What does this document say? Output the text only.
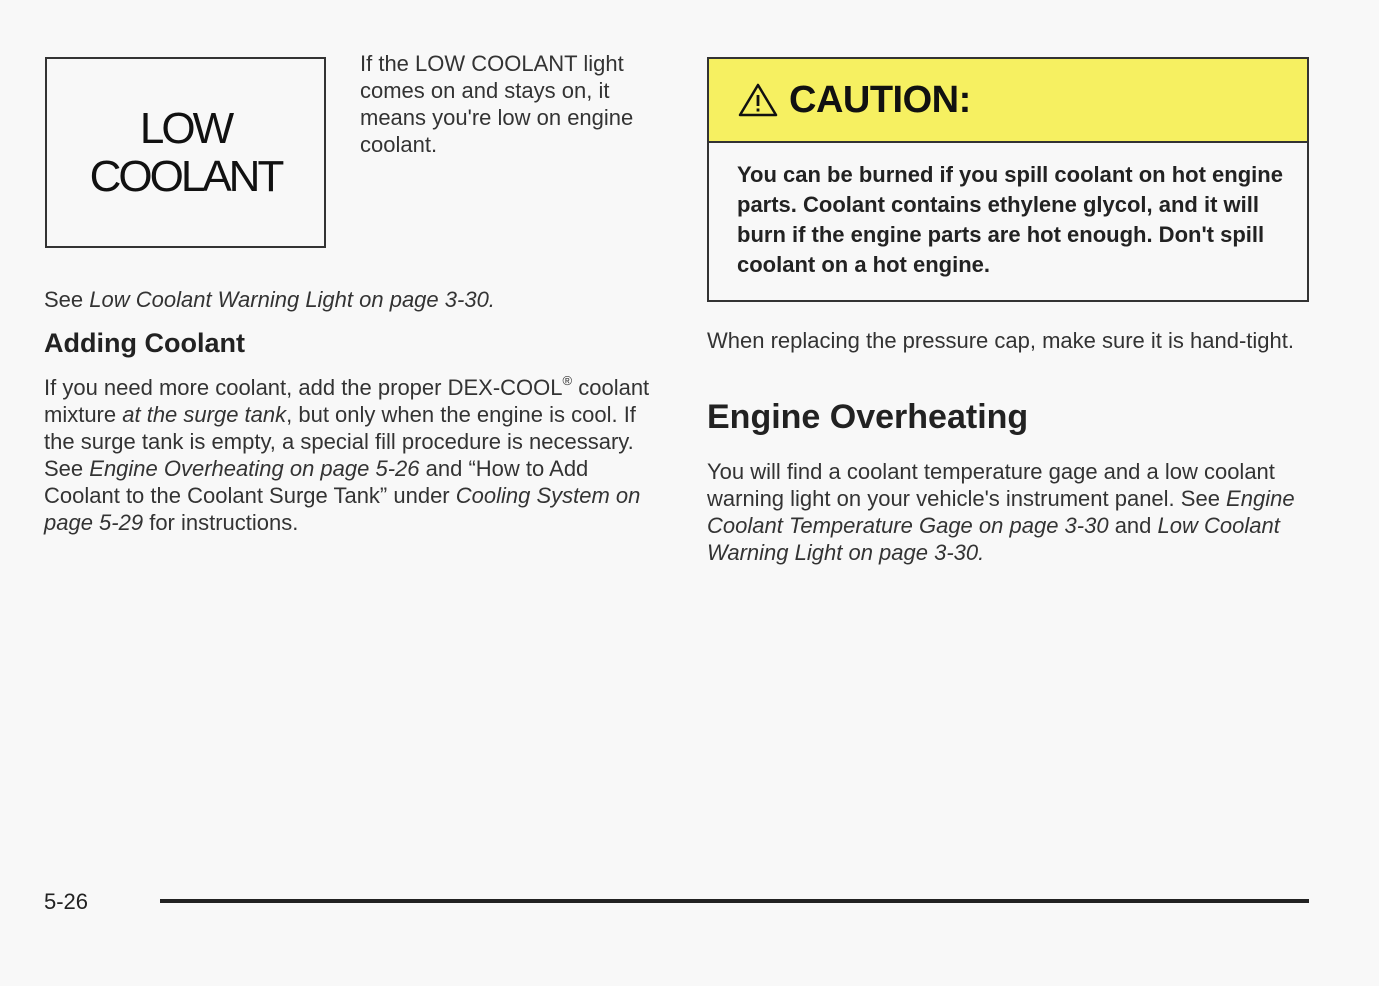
LOW
COOLANT
If the LOW COOLANT light comes on and stays on, it means you're low on engine coolant.
See Low Coolant Warning Light on page 3-30.
Adding Coolant

If you need more coolant, add the proper DEX-COOL® coolant mixture at the surge tank, but only when the engine is cool. If the surge tank is empty, a special fill procedure is necessary. See Engine Overheating on page 5-26 and “How to Add Coolant to the Coolant Surge Tank” under Cooling System on page 5-29 for instructions.

CAUTION:
You can be burned if you spill coolant on hot engine parts. Coolant contains ethylene glycol, and it will burn if the engine parts are hot enough. Don't spill coolant on a hot engine.

When replacing the pressure cap, make sure it is hand-tight.

Engine Overheating

You will find a coolant temperature gage and a low coolant warning light on your vehicle's instrument panel. See Engine Coolant Temperature Gage on page 3-30 and Low Coolant Warning Light on page 3-30.

5-26
